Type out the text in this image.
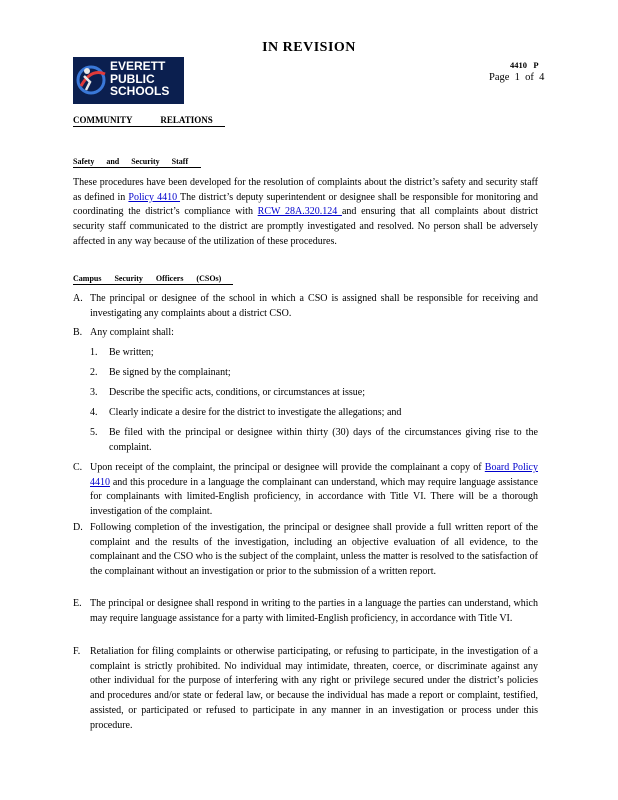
IN REVISION
EVERETT
PUBLIC
SCHOOLS
4410   P
Page  1  of  4
COMMUNITY RELATIONS
Safety and Security Staff
These procedures have been developed for the resolution of complaints about the district’s safety and security staff as defined in Policy 4410 The district’s deputy superintendent or designee shall be responsible for monitoring and coordinating the district’s compliance with RCW 28A.320.124 and ensuring that all complaints about district security staff communicated to the district are promptly investigated and resolved. No person shall be adversely affected in any way because of the utilization of these procedures.
Campus Security Officers (CSOs)
A. The principal or designee of the school in which a CSO is assigned shall be responsible for receiving and investigating any complaints about a district CSO.
B. Any complaint shall:
1. Be written;
2. Be signed by the complainant;
3. Describe the specific acts, conditions, or circumstances at issue;
4. Clearly indicate a desire for the district to investigate the allegations; and
5. Be filed with the principal or designee within thirty (30) days of the circumstances giving rise to the complaint.
C. Upon receipt of the complaint, the principal or designee will provide the complainant a copy of Board Policy 4410 and this procedure in a language the complainant can understand, which may require language assistance for complainants with limited-English proficiency, in accordance with Title VI. There will be a thorough investigation of the complaint.
D. Following completion of the investigation, the principal or designee shall provide a full written report of the complaint and the results of the investigation, including an objective evaluation of all evidence, to the complainant and the CSO who is the subject of the complaint, unless the matter is resolved to the satisfaction of the complainant without an investigation or prior to the submission of a written report.
E. The principal or designee shall respond in writing to the parties in a language the parties can understand, which may require language assistance for a party with limited-English proficiency, in accordance with Title VI.
F. Retaliation for filing complaints or otherwise participating, or refusing to participate, in the investigation of a complaint is strictly prohibited. No individual may intimidate, threaten, coerce, or discriminate against any other individual for the purpose of interfering with any right or privilege secured under the district’s policies and procedures and/or state or federal law, or because the individual has made a report or complaint, testified, assisted, or participated or refused to participate in any manner in an investigation or process under this procedure.
